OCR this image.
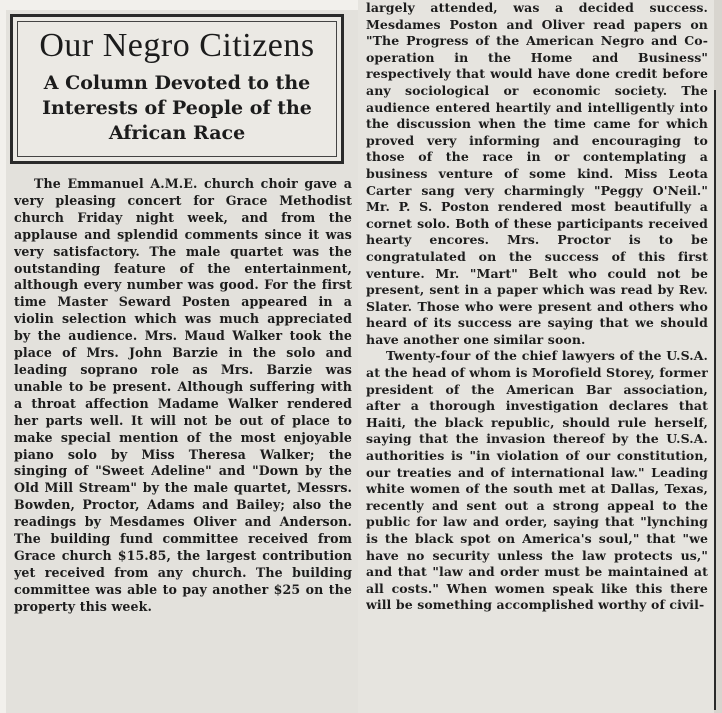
Our Negro Citizens
A Column Devoted to the Interests of People of the African Race

The Emmanuel A.M.E. church choir gave a very pleasing concert for Grace Methodist church Friday night week, and from the applause and splendid comments since it was very satisfactory. The male quartet was the outstanding feature of the entertainment, although every number was good. For the first time Master Seward Posten appeared in a violin selection which was much appreciated by the audience. Mrs. Maud Walker took the place of Mrs. John Barzie in the solo and leading soprano role as Mrs. Barzie was unable to be present. Although suffering with a throat affection Madame Walker rendered her parts well. It will not be out of place to make special mention of the most enjoyable piano solo by Miss Theresa Walker; the singing of "Sweet Adeline" and "Down by the Old Mill Stream" by the male quartet, Messrs. Bowden, Proctor, Adams and Bailey; also the readings by Mesdames Oliver and Anderson. The building fund committee received from Grace church $15.85, the largest contribution yet received from any church. The building committee was able to pay another $25 on the property this week.

largely attended, was a decided success. Mesdames Poston and Oliver read papers on "The Progress of the American Negro and Co-operation in the Home and Business" respectively that would have done credit before any sociological or economic society. The audience entered heartily and intelligently into the discussion when the time came for which proved very informing and encouraging to those of the race in or contemplating a business venture of some kind. Miss Leota Carter sang very charmingly "Peggy O'Neil." Mr. P. S. Poston rendered most beautifully a cornet solo. Both of these participants received hearty encores. Mrs. Proctor is to be congratulated on the success of this first venture. Mr. "Mart" Belt who could not be present, sent in a paper which was read by Rev. Slater. Those who were present and others who heard of its success are saying that we should have another one similar soon.

Twenty-four of the chief lawyers of the U.S.A. at the head of whom is Morofield Storey, former president of the American Bar association, after a thorough investigation declares that Haiti, the black republic, should rule herself, saying that the invasion thereof by the U.S.A. authorities is "in violation of our constitution, our treaties and of international law." Leading white women of the south met at Dallas, Texas, recently and sent out a strong appeal to the public for law and order, saying that "lynching is the black spot on America's soul," that "we have no security unless the law protects us," and that "law and order must be maintained at all costs." When women speak like this there will be something accomplished worthy of civil-
